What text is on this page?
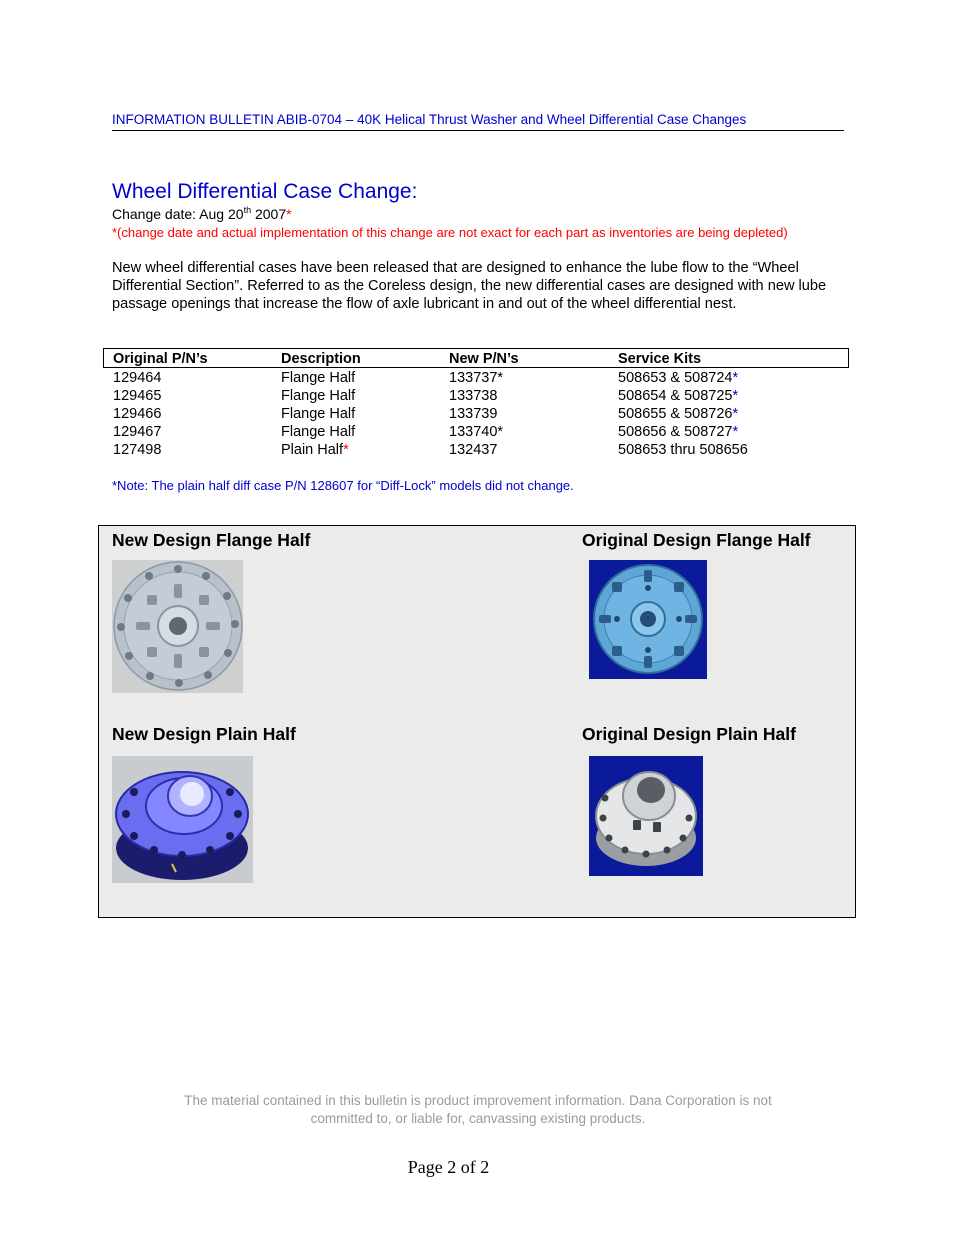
INFORMATION BULLETIN ABIB-0704 – 40K Helical Thrust Washer and Wheel Differential Case Changes
Wheel Differential Case Change:
Change date: Aug 20th 2007*
*(change date and actual implementation of this change are not exact for each part as inventories are being depleted)
New wheel differential cases have been released that are designed to enhance the lube flow to the “Wheel Differential Section”. Referred to as the Coreless design, the new differential cases are designed with new lube passage openings that increase the flow of axle lubricant in and out of the wheel differential nest.
Original P/N’s	Description	New P/N’s	Service Kits
129464	Flange Half	133737*	508653 & 508724*
129465	Flange Half	133738	508654 & 508725*
129466	Flange Half	133739	508655 & 508726*
129467	Flange Half	133740*	508656 & 508727*
127498	Plain Half*	132437	508653 thru 508656
*Note: The plain half diff case P/N 128607 for “Diff-Lock” models did not change.
New Design Flange Half	Original Design Flange Half
New Design Plain Half	Original Design Plain Half
The material contained in this bulletin is product improvement information. Dana Corporation is not
committed to, or liable for, canvassing existing products.
Page 2 of 2
